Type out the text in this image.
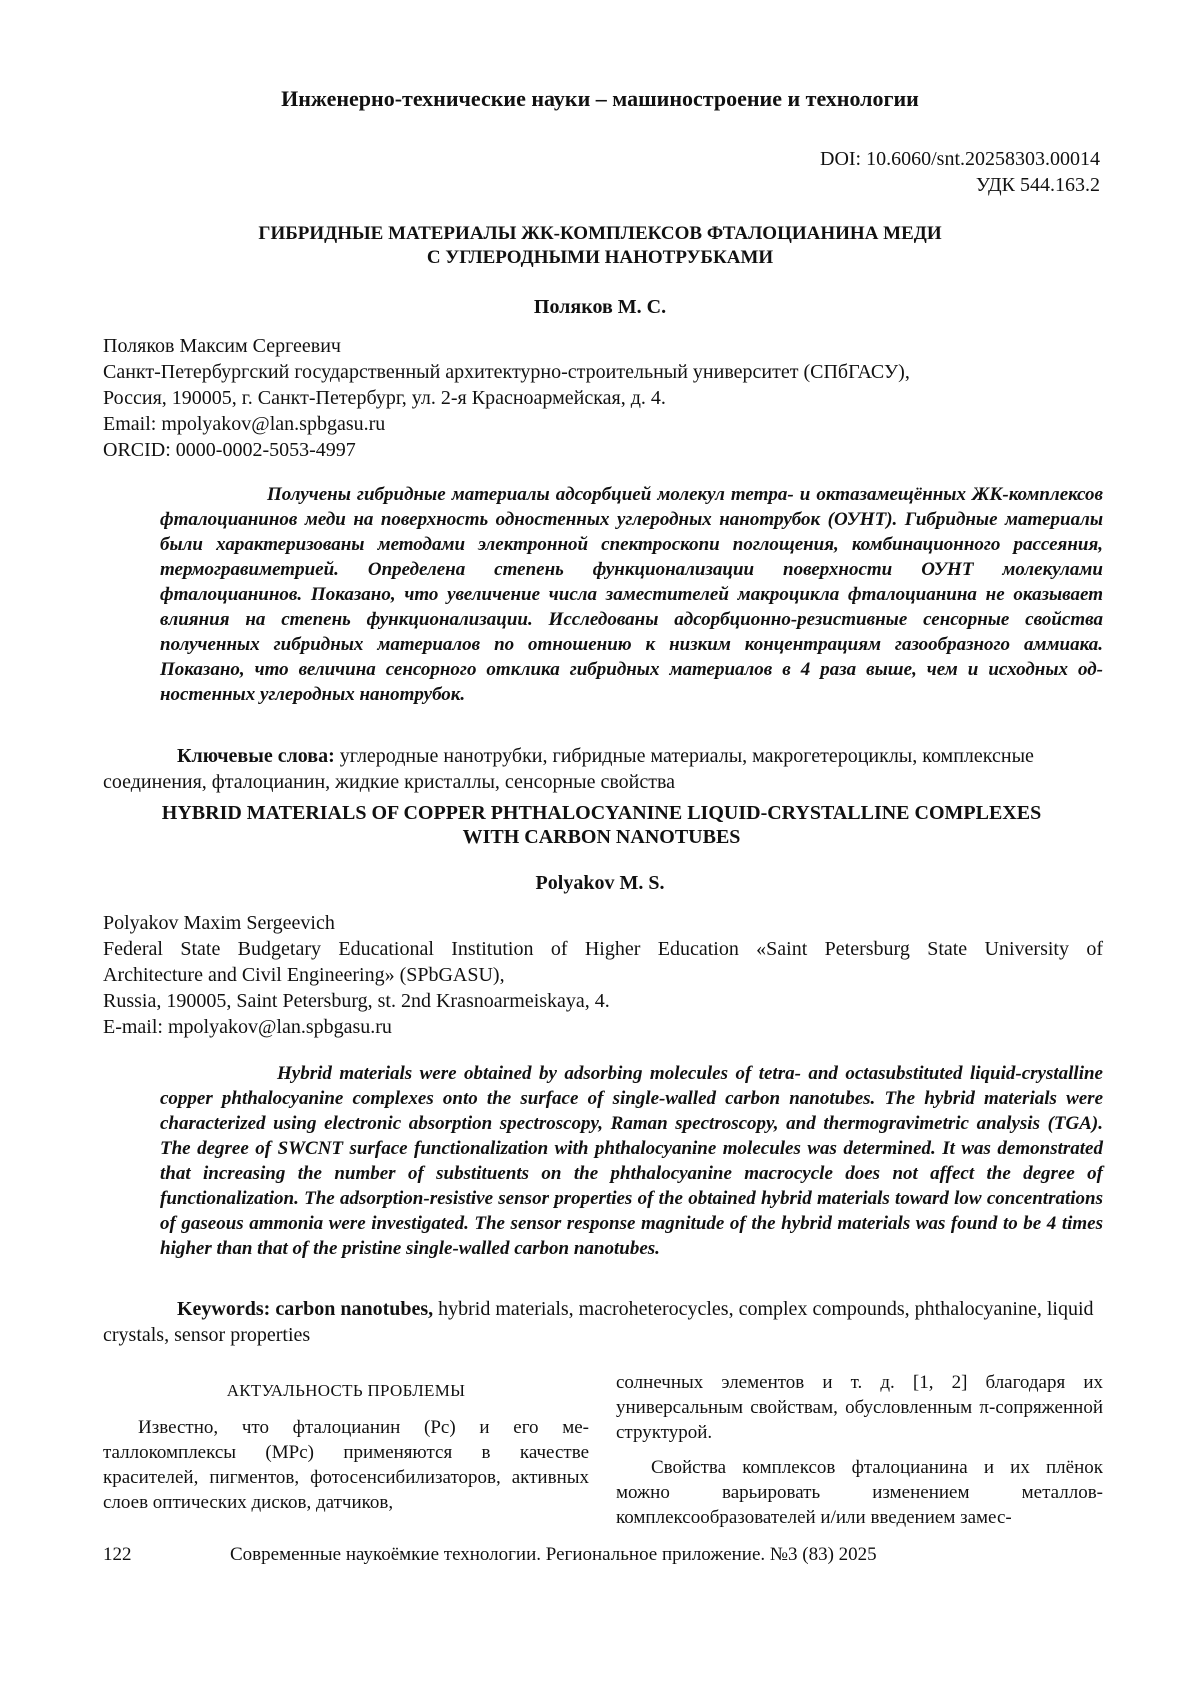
Инженерно-технические науки – машиностроение и технологии
DOI: 10.6060/snt.20258303.00014
УДК 544.163.2
ГИБРИДНЫЕ МАТЕРИАЛЫ ЖК-КОМПЛЕКСОВ ФТАЛОЦИАНИНА МЕДИ
С УГЛЕРОДНЫМИ НАНОТРУБКАМИ
Поляков М. С.
Поляков Максим Сергеевич
Санкт-Петербургский государственный архитектурно-строительный университет (СПбГАСУ),
Россия, 190005, г. Санкт-Петербург, ул. 2-я Красноармейская, д. 4.
Email: mpolyakov@lan.spbgasu.ru
ORCID: 0000-0002-5053-4997
Получены гибридные материалы адсорбцией молекул тетра- и октазамещённых ЖК-комплексов фталоцианинов меди на поверхность одностенных углеродных нанотрубок (ОУНТ). Гибридные материалы были характеризованы методами электронной спектроскопи поглощения, комбинационного рассеяния, термогравиметрией. Определена степень функционализации поверхности ОУНТ молекулами фталоцианинов. Показано, что увеличение числа заместителей макроцикла фталоцианина не оказывает влияния на степень функционализации. Исследованы адсорбционно-резистивные сенсорные свойства полученных гибридных материалов по отношению к низким концентрациям газообразного аммиака. Показано, что величина сенсорного отклика гибридных материалов в 4 раза выше, чем и исходных одностенных углеродных нанотрубок.
Ключевые слова: углеродные нанотрубки, гибридные материалы, макрогетероциклы, комплексные соединения, фталоцианин, жидкие кристаллы, сенсорные свойства
HYBRID MATERIALS OF COPPER PHTHALOCYANINE LIQUID-CRYSTALLINE COMPLEXES
WITH CARBON NANOTUBES
Polyakov M. S.
Polyakov Maxim Sergeevich
Federal State Budgetary Educational Institution of Higher Education «Saint Petersburg State University of
Architecture and Civil Engineering» (SPbGASU),
Russia, 190005, Saint Petersburg, st. 2nd Krasnoarmeiskaya, 4.
E-mail: mpolyakov@lan.spbgasu.ru
Hybrid materials were obtained by adsorbing molecules of tetra- and octasubstituted liquid-crystalline copper phthalocyanine complexes onto the surface of single-walled carbon nanotubes. The hybrid materials were characterized using electronic absorption spectroscopy, Raman spectroscopy, and thermogravimetric analysis (TGA). The degree of SWCNT surface functionalization with phthalocyanine molecules was determined. It was demonstrated that increasing the number of substituents on the phthalocyanine macrocycle does not affect the degree of functionalization. The adsorption-resistive sensor properties of the obtained hybrid materials toward low concentrations of gaseous ammonia were investigated. The sensor response magnitude of the hybrid materials was found to be 4 times higher than that of the pristine single-walled carbon nanotubes.
Keywords: carbon nanotubes, hybrid materials, macroheterocycles, complex compounds, phthalocyanine, liquid crystals, sensor properties
АКТУАЛЬНОСТЬ ПРОБЛЕМЫ

Известно, что фталоцианин (Pc) и его металлокомплексы (MPc) применяются в качестве красителей, пигментов, фотосенсибилизаторов, активных слоев оптических дисков, датчиков,

солнечных элементов и т. д. [1, 2] благодаря их универсальным свойствам, обусловленным π-сопряженной структурой.

Свойства комплексов фталоцианина и их плёнок можно варьировать изменением металлов-комплексообразователей и/или введением замес-

122	Современные наукоёмкие технологии. Региональное приложение. №3 (83) 2025
